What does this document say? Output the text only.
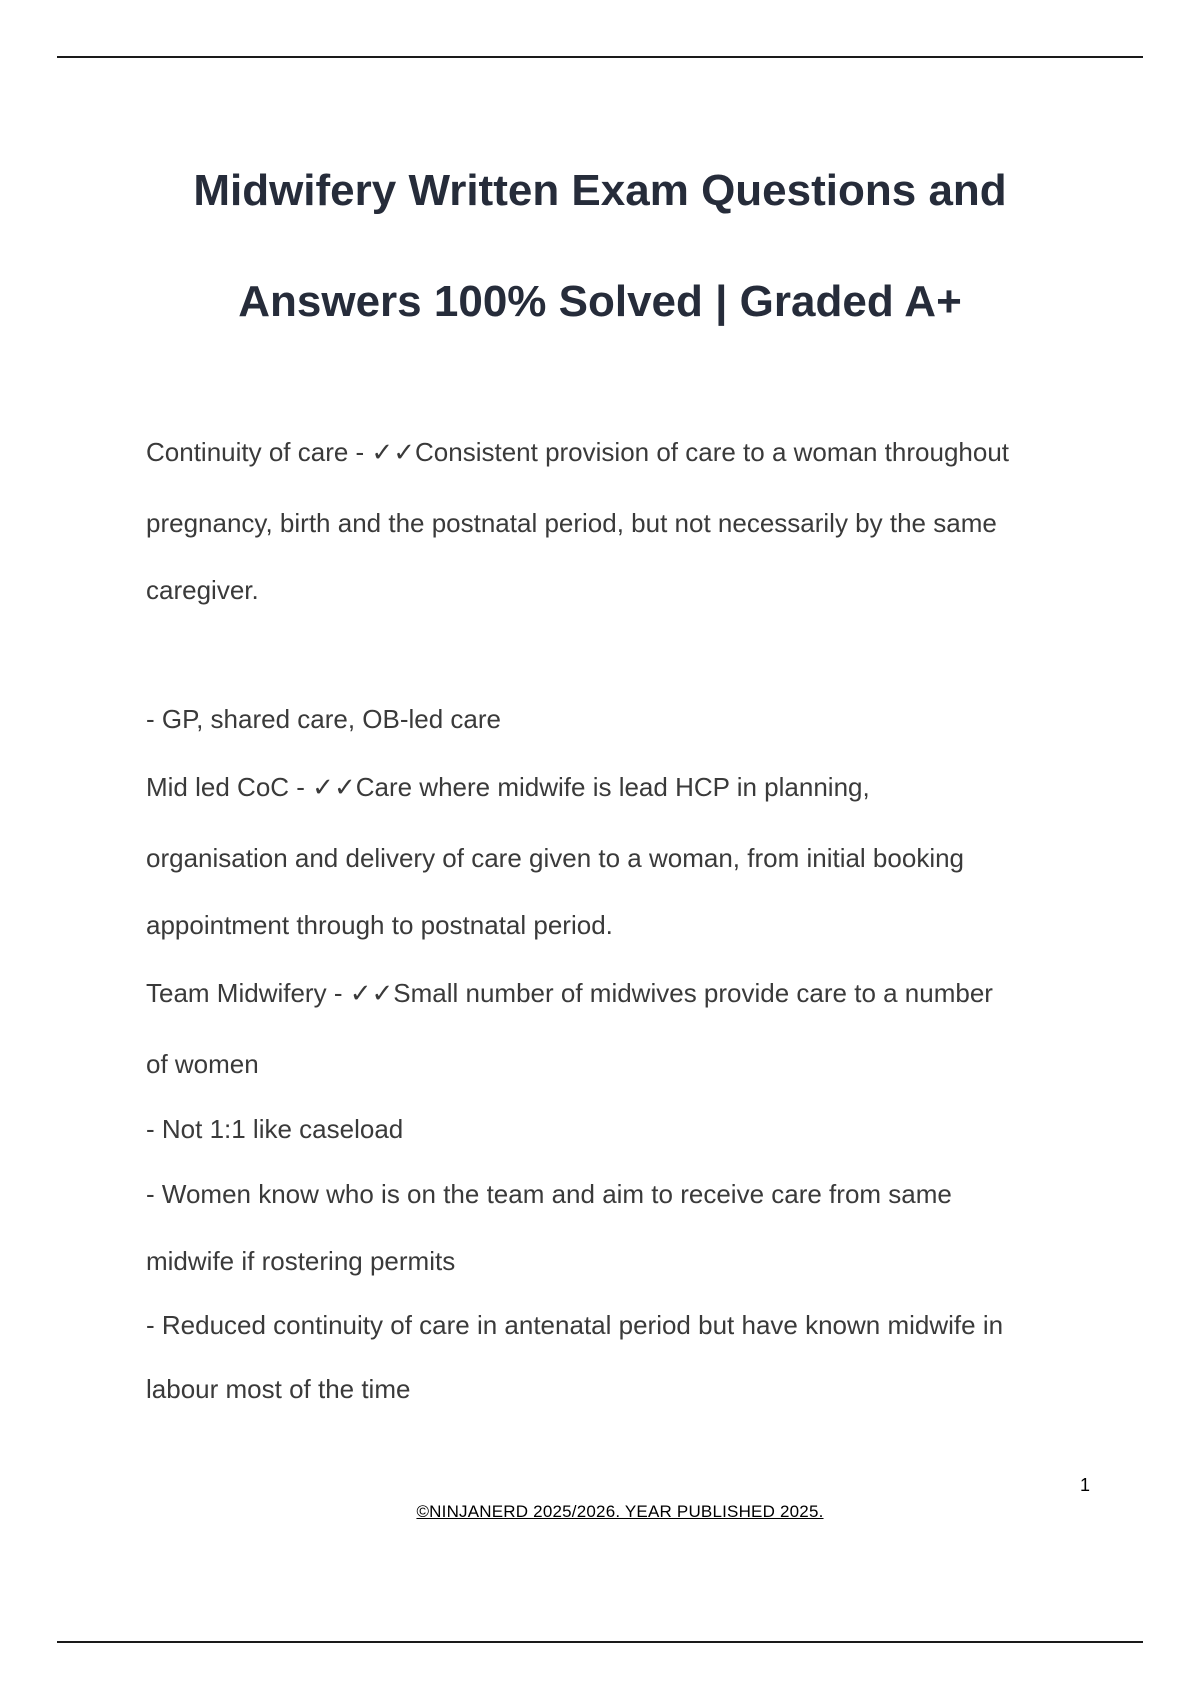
Midwifery Written Exam Questions and
Answers 100% Solved | Graded A+

Continuity of care - ✓✓Consistent provision of care to a woman throughout

pregnancy, birth and the postnatal period, but not necessarily by the same

caregiver.

- GP, shared care, OB-led care

Mid led CoC - ✓✓Care where midwife is lead HCP in planning,

organisation and delivery of care given to a woman, from initial booking

appointment through to postnatal period.

Team Midwifery - ✓✓Small number of midwives provide care to a number

of women

- Not 1:1 like caseload

- Women know who is on the team and aim to receive care from same

midwife if rostering permits

- Reduced continuity of care in antenatal period but have known midwife in

labour most of the time

1
©NINJANERD 2025/2026. YEAR PUBLISHED 2025.
